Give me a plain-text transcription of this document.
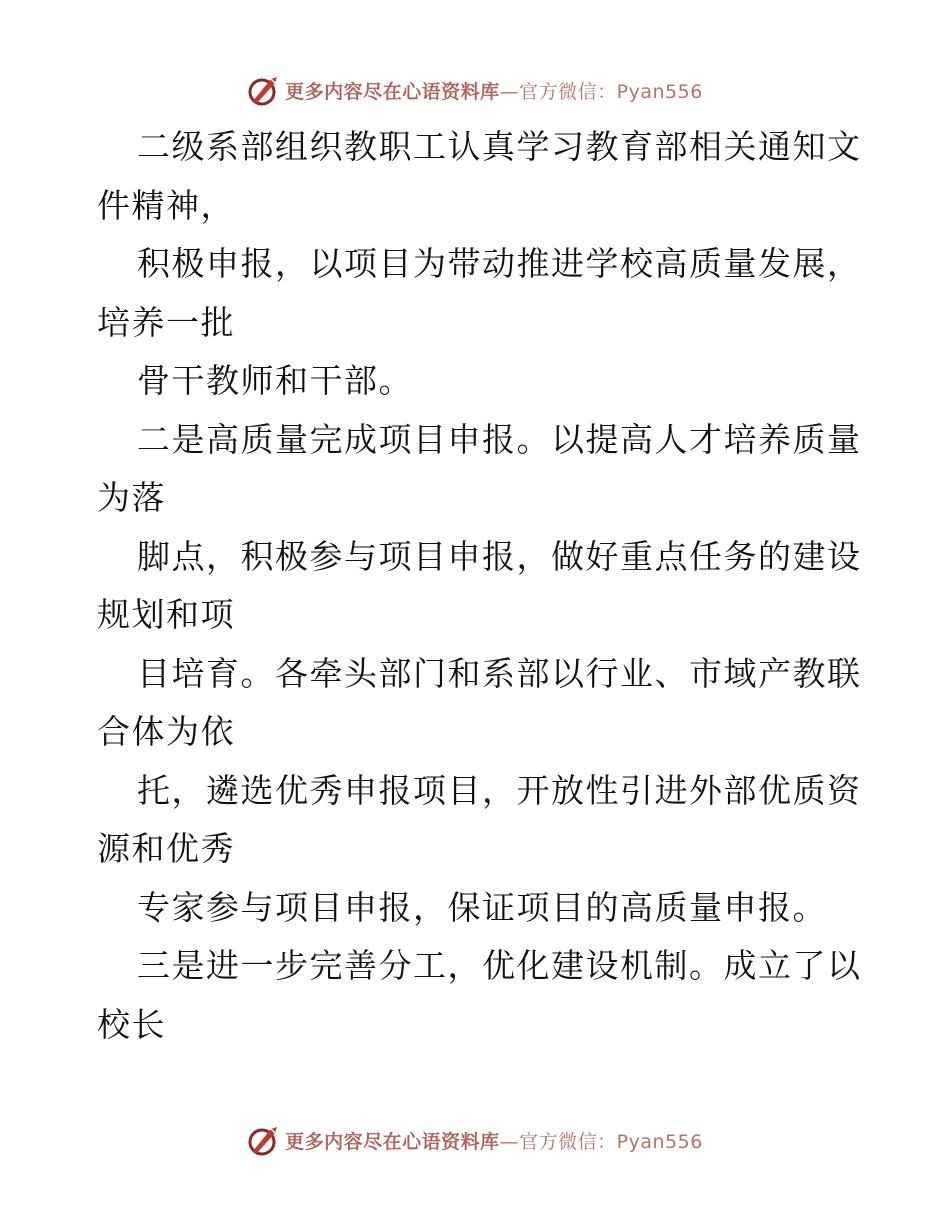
更多内容尽在心语资料库—官方微信：Pyan556
二级系部组织教职工认真学习教育部相关通知文
件精神，
积极申报，以项目为带动推进学校高质量发展，
培养一批
骨干教师和干部。
二是高质量完成项目申报。以提高人才培养质量
为落
脚点，积极参与项目申报，做好重点任务的建设
规划和项
目培育。各牵头部门和系部以行业、市域产教联
合体为依
托，遴选优秀申报项目，开放性引进外部优质资
源和优秀
专家参与项目申报，保证项目的高质量申报。
三是进一步完善分工，优化建设机制。成立了以
校长
更多内容尽在心语资料库—官方微信：Pyan556
